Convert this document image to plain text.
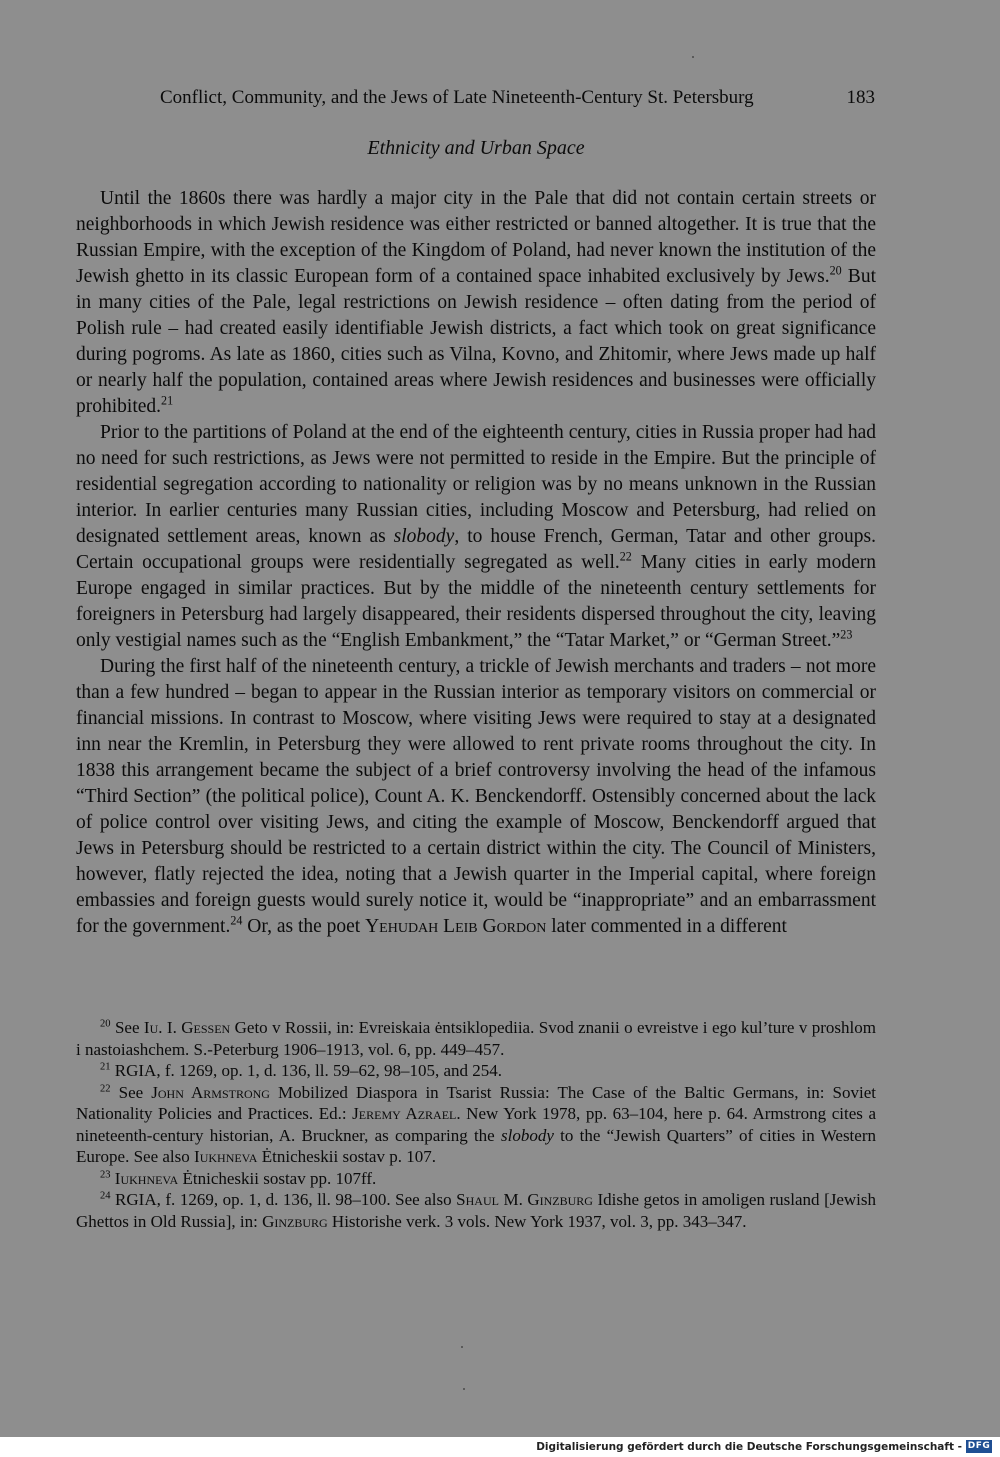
Conflict, Community, and the Jews of Late Nineteenth-Century St. Petersburg	183
Ethnicity and Urban Space

Until the 1860s there was hardly a major city in the Pale that did not contain certain streets or neighborhoods in which Jewish residence was either restricted or banned altogether. It is true that the Russian Empire, with the exception of the Kingdom of Poland, had never known the institution of the Jewish ghetto in its classic European form of a contained space inhabited exclusively by Jews.$^{20}$ But in many cities of the Pale, legal restrictions on Jewish residence – often dating from the period of Polish rule – had created easily identifiable Jewish districts, a fact which took on great significance during pogroms. As late as 1860, cities such as Vilna, Kovno, and Zhitomir, where Jews made up half or nearly half the population, contained areas where Jewish residences and businesses were officially prohibited.$^{21}$

Prior to the partitions of Poland at the end of the eighteenth century, cities in Russia proper had had no need for such restrictions, as Jews were not permitted to reside in the Empire. But the principle of residential segregation according to nationality or religion was by no means unknown in the Russian interior. In earlier centuries many Russian cities, including Moscow and Petersburg, had relied on designated settlement areas, known as slobody, to house French, German, Tatar and other groups. Certain occupational groups were residentially segregated as well.$^{22}$ Many cities in early modern Europe engaged in similar practices. But by the middle of the nineteenth century settlements for foreigners in Petersburg had largely disappeared, their residents dispersed throughout the city, leaving only vestigial names such as the “English Embankment,” the “Tatar Market,” or “German Street.”$^{23}$

During the first half of the nineteenth century, a trickle of Jewish merchants and traders – not more than a few hundred – began to appear in the Russian interior as temporary visitors on commercial or financial missions. In contrast to Moscow, where visiting Jews were required to stay at a designated inn near the Kremlin, in Petersburg they were allowed to rent private rooms throughout the city. In 1838 this arrangement became the subject of a brief controversy involving the head of the infamous “Third Section” (the political police), Count A. K. Benckendorff. Ostensibly concerned about the lack of police control over visiting Jews, and citing the example of Moscow, Benckendorff argued that Jews in Petersburg should be restricted to a certain district within the city. The Council of Ministers, however, flatly rejected the idea, noting that a Jewish quarter in the Imperial capital, where foreign embassies and foreign guests would surely notice it, would be “inappropriate” and an embarrassment for the government.$^{24}$ Or, as the poet Yehudah Leib Gordon later commented in a different

$^{20}$ See Iu. I. Gessen Geto v Rossii, in: Evreiskaia ėntsiklopediia. Svod znanii o evreistve i ego kul’ture v proshlom i nastoiashchem. S.-Peterburg 1906–1913, vol. 6, pp. 449–457.

$^{21}$ RGIA, f. 1269, op. 1, d. 136, ll. 59–62, 98–105, and 254.

$^{22}$ See John Armstrong Mobilized Diaspora in Tsarist Russia: The Case of the Baltic Germans, in: Soviet Nationality Policies and Practices. Ed.: Jeremy Azrael. New York 1978, pp. 63–104, here p. 64. Armstrong cites a nineteenth-century historian, A. Bruckner, as comparing the slobody to the “Jewish Quarters” of cities in Western Europe. See also Iukhneva Ėtnicheskii sostav p. 107.

$^{23}$ Iukhneva Ėtnicheskii sostav pp. 107ff.

$^{24}$ RGIA, f. 1269, op. 1, d. 136, ll. 98–100. See also Shaul M. Ginzburg Idishe getos in amoligen rusland [Jewish Ghettos in Old Russia], in: Ginzburg Historishe verk. 3 vols. New York 1937, vol. 3, pp. 343–347.

Digitalisierung gefördert durch die Deutsche Forschungsgemeinschaft - DFG
